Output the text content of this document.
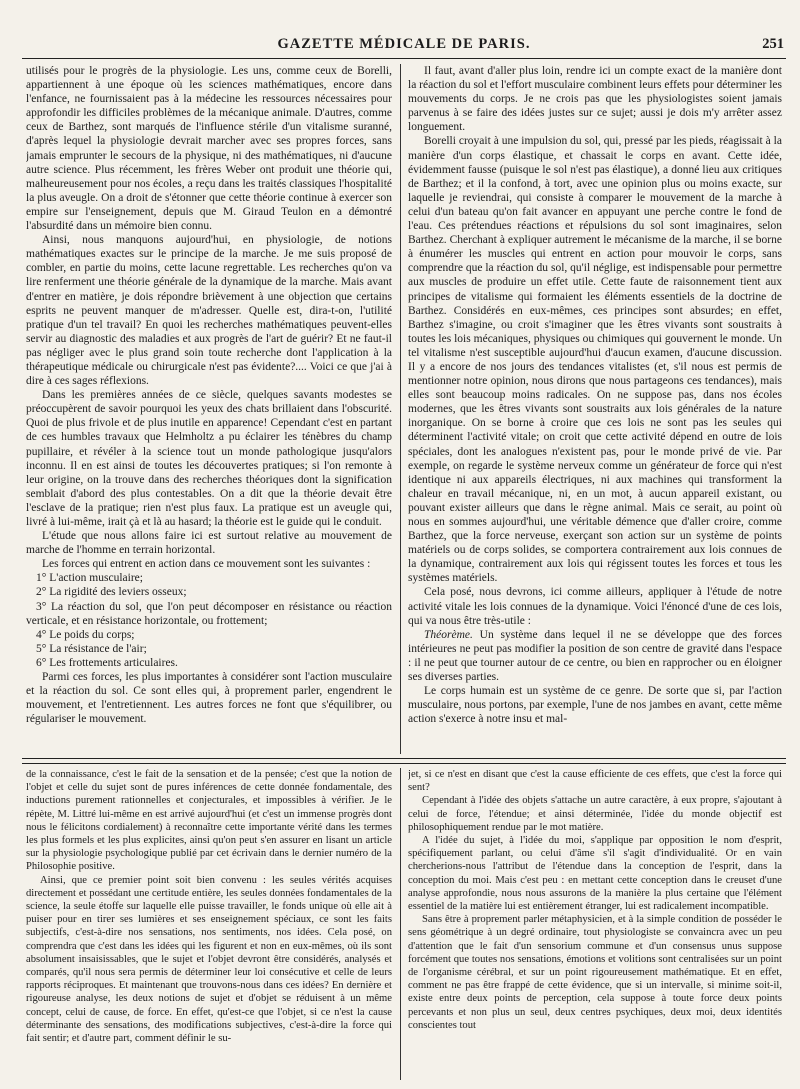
GAZETTE MÉDICALE DE PARIS.	251

utilisés pour le progrès de la physiologie. Les uns, comme ceux de Borelli, appartiennent à une époque où les sciences mathématiques, encore dans l'enfance, ne fournissaient pas à la médecine les ressources nécessaires pour approfondir les difficiles problèmes de la mécanique animale. D'autres, comme ceux de Barthez, sont marqués de l'influence stérile d'un vitalisme suranné, d'après lequel la physiologie devrait marcher avec ses propres forces, sans jamais emprunter le secours de la physique, ni des mathématiques, ni d'aucune autre science. Plus récemment, les frères Weber ont produit une théorie qui, malheureusement pour nos écoles, a reçu dans les traités classiques l'hospitalité la plus aveugle. On a droit de s'étonner que cette théorie continue à exercer son empire sur l'enseignement, depuis que M. Giraud Teulon en a démontré l'absurdité dans un mémoire bien connu.

Ainsi, nous manquons aujourd'hui, en physiologie, de notions mathématiques exactes sur le principe de la marche. Je me suis proposé de combler, en partie du moins, cette lacune regrettable. Les recherches qu'on va lire renferment une théorie générale de la dynamique de la marche. Mais avant d'entrer en matière, je dois répondre brièvement à une objection que certains esprits ne peuvent manquer de m'adresser. Quelle est, dira-t-on, l'utilité pratique d'un tel travail? En quoi les recherches mathématiques peuvent-elles servir au diagnostic des maladies et aux progrès de l'art de guérir? Et ne faut-il pas négliger avec le plus grand soin toute recherche dont l'application à la thérapeutique médicale ou chirurgicale n'est pas évidente?.... Voici ce que j'ai à dire à ces sages réflexions.

Dans les premières années de ce siècle, quelques savants modestes se préoccupèrent de savoir pourquoi les yeux des chats brillaient dans l'obscurité. Quoi de plus frivole et de plus inutile en apparence! Cependant c'est en partant de ces humbles travaux que Helmholtz a pu éclairer les ténèbres du champ pupillaire, et révéler à la science tout un monde pathologique jusqu'alors inconnu. Il en est ainsi de toutes les découvertes pratiques; si l'on remonte à leur origine, on la trouve dans des recherches théoriques dont la signification semblait d'abord des plus contestables. On a dit que la théorie devait être l'esclave de la pratique; rien n'est plus faux. La pratique est un aveugle qui, livré à lui-même, irait çà et là au hasard; la théorie est le guide qui le conduit.

L'étude que nous allons faire ici est surtout relative au mouvement de marche de l'homme en terrain horizontal.

Les forces qui entrent en action dans ce mouvement sont les suivantes :

1° L'action musculaire;

2° La rigidité des leviers osseux;

3° La réaction du sol, que l'on peut décomposer en résistance ou réaction verticale, et en résistance horizontale, ou frottement;

4° Le poids du corps;

5° La résistance de l'air;

6° Les frottements articulaires.

Parmi ces forces, les plus importantes à considérer sont l'action musculaire et la réaction du sol. Ce sont elles qui, à proprement parler, engendrent le mouvement, et l'entretiennent. Les autres forces ne font que s'équilibrer, ou régulariser le mouvement.

Il faut, avant d'aller plus loin, rendre ici un compte exact de la manière dont la réaction du sol et l'effort musculaire combinent leurs effets pour déterminer les mouvements du corps. Je ne crois pas que les physiologistes soient jamais parvenus à se faire des idées justes sur ce sujet; aussi je dois m'y arrêter assez longuement.

Borelli croyait à une impulsion du sol, qui, pressé par les pieds, réagissait à la manière d'un corps élastique, et chassait le corps en avant. Cette idée, évidemment fausse (puisque le sol n'est pas élastique), a donné lieu aux critiques de Barthez; et il la confond, à tort, avec une opinion plus ou moins exacte, sur laquelle je reviendrai, qui consiste à comparer le mouvement de la marche à celui d'un bateau qu'on fait avancer en appuyant une perche contre le fond de l'eau. Ces prétendues réactions et répulsions du sol sont imaginaires, selon Barthez. Cherchant à expliquer autrement le mécanisme de la marche, il se borne à énumérer les muscles qui entrent en action pour mouvoir le corps, sans comprendre que la réaction du sol, qu'il néglige, est indispensable pour permettre aux muscles de produire un effet utile. Cette faute de raisonnement tient aux principes de vitalisme qui formaient les éléments essentiels de la doctrine de Barthez. Considérés en eux-mêmes, ces principes sont absurdes; en effet, Barthez s'imagine, ou croit s'imaginer que les êtres vivants sont soustraits à toutes les lois mécaniques, physiques ou chimiques qui gouvernent le monde. Un tel vitalisme n'est susceptible aujourd'hui d'aucun examen, d'aucune discussion. Il y a encore de nos jours des tendances vitalistes (et, s'il nous est permis de mentionner notre opinion, nous dirons que nous partageons ces tendances), mais elles sont beaucoup moins radicales. On ne suppose pas, dans nos écoles modernes, que les êtres vivants sont soustraits aux lois générales de la nature inorganique. On se borne à croire que ces lois ne sont pas les seules qui déterminent l'activité vitale; on croit que cette activité dépend en outre de lois spéciales, dont les analogues n'existent pas, pour le monde privé de vie. Par exemple, on regarde le système nerveux comme un générateur de force qui n'est identique ni aux appareils électriques, ni aux machines qui transforment la chaleur en travail mécanique, ni, en un mot, à aucun appareil existant, ou pouvant exister ailleurs que dans le règne animal. Mais ce serait, au point où nous en sommes aujourd'hui, une véritable démence que d'aller croire, comme Barthez, que la force nerveuse, exerçant son action sur un système de points matériels ou de corps solides, se comportera contrairement aux lois connues de la dynamique, contrairement aux lois qui régissent toutes les forces et tous les systèmes matériels.

Cela posé, nous devrons, ici comme ailleurs, appliquer à l'étude de notre activité vitale les lois connues de la dynamique. Voici l'énoncé d'une de ces lois, qui va nous être très-utile :

Théorème. Un système dans lequel il ne se développe que des forces intérieures ne peut pas modifier la position de son centre de gravité dans l'espace : il ne peut que tourner autour de ce centre, ou bien en rapprocher ou en éloigner ses diverses parties.

Le corps humain est un système de ce genre. De sorte que si, par l'action musculaire, nous portons, par exemple, l'une de nos jambes en avant, cette même action s'exerce à notre insu et mal-

de la connaissance, c'est le fait de la sensation et de la pensée; c'est que la notion de l'objet et celle du sujet sont de pures inférences de cette donnée fondamentale, des inductions purement rationnelles et conjecturales, et impossibles à vérifier. Je le répète, M. Littré lui-même en est arrivé aujourd'hui (et c'est un immense progrès dont nous le félicitons cordialement) à reconnaître cette importante vérité dans les termes les plus formels et les plus explicites, ainsi qu'on peut s'en assurer en lisant un article sur la physiologie psychologique publié par cet écrivain dans le dernier numéro de la Philosophie positive.

Ainsi, que ce premier point soit bien convenu : les seules vérités acquises directement et possédant une certitude entière, les seules données fondamentales de la science, la seule étoffe sur laquelle elle puisse travailler, le fonds unique où elle ait à puiser pour en tirer ses lumières et ses enseignement spéciaux, ce sont les faits subjectifs, c'est-à-dire nos sensations, nos sentiments, nos idées. Cela posé, on comprendra que c'est dans les idées qui les figurent et non en eux-mêmes, où ils sont absolument insaisissables, que le sujet et l'objet devront être considérés, analysés et comparés, qu'il nous sera permis de déterminer leur loi consécutive et celle de leurs rapports réciproques. Et maintenant que trouvons-nous dans ces idées? En dernière et rigoureuse analyse, les deux notions de sujet et d'objet se réduisent à un même concept, celui de cause, de force. En effet, qu'est-ce que l'objet, si ce n'est la cause déterminante des sensations, des modifications subjectives, c'est-à-dire la force qui fait sentir; et d'autre part, comment définir le su-

jet, si ce n'est en disant que c'est la cause efficiente de ces effets, que c'est la force qui sent?

Cependant à l'idée des objets s'attache un autre caractère, à eux propre, s'ajoutant à celui de force, l'étendue; et ainsi déterminée, l'idée du monde objectif est philosophiquement rendue par le mot matière.

A l'idée du sujet, à l'idée du moi, s'applique par opposition le nom d'esprit, spécifiquement parlant, ou celui d'âme s'il s'agit d'individualité. Or en vain chercherions-nous l'attribut de l'étendue dans la conception de l'esprit, dans la conception du moi. Mais c'est peu : en mettant cette conception dans le creuset d'une analyse approfondie, nous nous assurons de la manière la plus certaine que l'élément essentiel de la matière lui est entièrement étranger, lui est radicalement incompatible.

Sans être à proprement parler métaphysicien, et à la simple condition de posséder le sens géométrique à un degré ordinaire, tout physiologiste se convaincra avec un peu d'attention que le fait d'un sensorium commune et d'un consensus unus suppose forcément que toutes nos sensations, émotions et volitions sont centralisées sur un point de l'organisme cérébral, et sur un point rigoureusement mathématique. Et en effet, comment ne pas être frappé de cette évidence, que si un intervalle, si minime soit-il, existe entre deux points de perception, cela suppose à toute force deux points percevants et non plus un seul, deux centres psychiques, deux moi, deux identités conscientes tout
